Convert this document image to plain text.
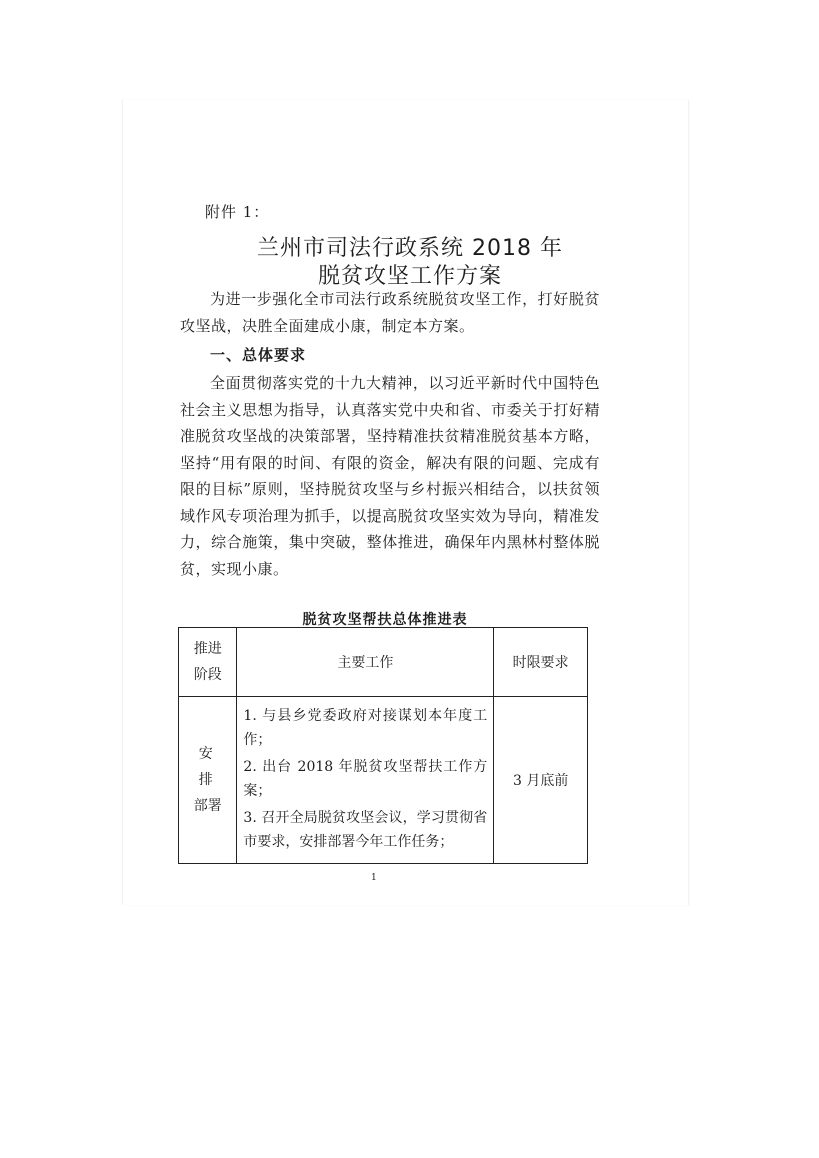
附件 1：
兰州市司法行政系统 2018 年
脱贫攻坚工作方案
为进一步强化全市司法行政系统脱贫攻坚工作，打好脱贫攻坚战，决胜全面建成小康，制定本方案。
一、总体要求
全面贯彻落实党的十九大精神，以习近平新时代中国特色社会主义思想为指导，认真落实党中央和省、市委关于打好精准脱贫攻坚战的决策部署，坚持精准扶贫精准脱贫基本方略，坚持“用有限的时间、有限的资金，解决有限的问题、完成有限的目标”原则，坚持脱贫攻坚与乡村振兴相结合，以扶贫领域作风专项治理为抓手，以提高脱贫攻坚实效为导向，精准发力，综合施策，集中突破，整体推进，确保年内黑林村整体脱贫，实现小康。
脱贫攻坚帮扶总体推进表
推进
阶段	主要工作	时限要求

安排
部署	1. 与县乡党委政府对接谋划本年度工作；
2. 出台 2018 年脱贫攻坚帮扶工作方案；
3. 召开全局脱贫攻坚会议，学习贯彻省市要求，安排部署今年工作任务；	3 月底前
1
